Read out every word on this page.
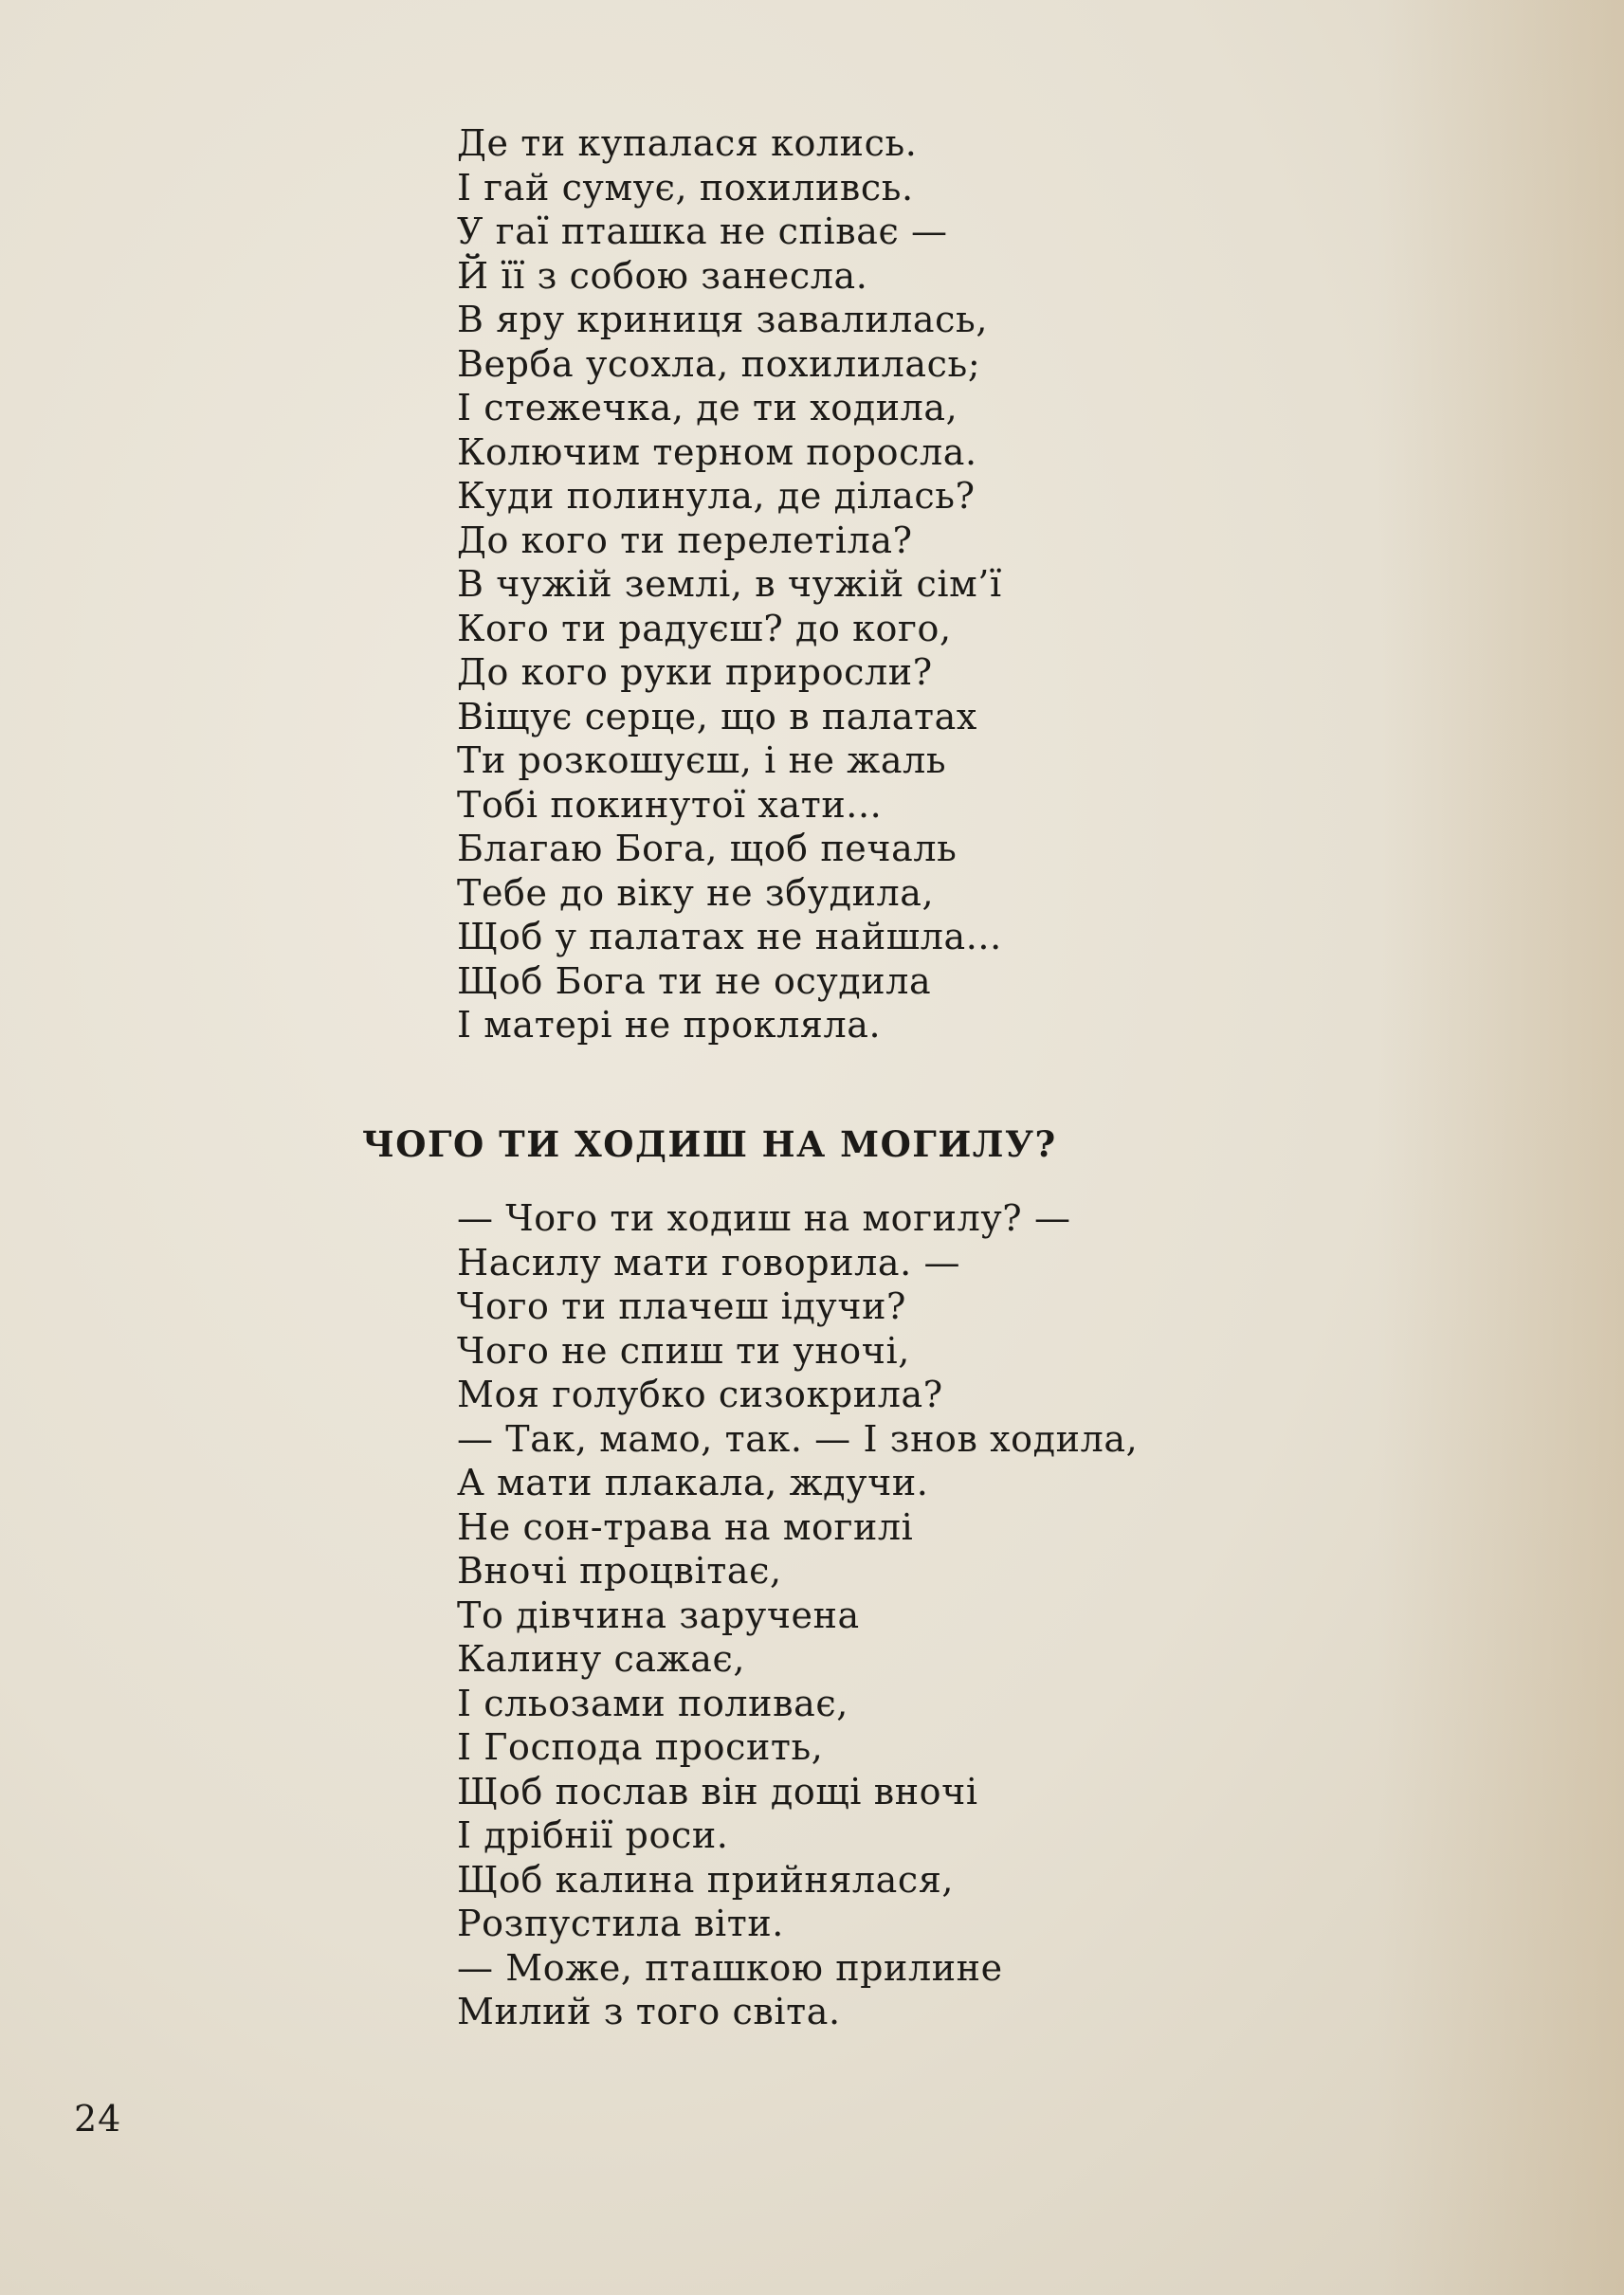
Де ти купалася колись.
І гай сумує, похиливсь.
У гаї пташка не співає —
Й її з собою занесла.
В яру криниця завалилась,
Верба усохла, похилилась;
І стежечка, де ти ходила,
Колючим терном поросла.
Куди полинула, де ділась?
До кого ти перелетіла?
В чужій землі, в чужій сім’ї
Кого ти радуєш? до кого,
До кого руки приросли?
Віщує серце, що в палатах
Ти розкошуєш, і не жаль
Тобі покинутої хати...
Благаю Бога, щоб печаль
Тебе до віку не збудила,
Щоб у палатах не найшла...
Щоб Бога ти не осудила
І матері не прокляла.
ЧОГО ТИ ХОДИШ НА МОГИЛУ?
— Чого ти ходиш на могилу? —
Насилу мати говорила. —
Чого ти плачеш ідучи?
Чого не спиш ти уночі,
Моя голубко сизокрила?
— Так, мамо, так. — І знов ходила,
А мати плакала, ждучи.
Не сон-трава на могилі
Вночі процвітає,
То дівчина заручена
Калину сажає,
І сльозами поливає,
І Господа просить,
Щоб послав він дощі вночі
І дрібнії роси.
Щоб калина прийнялася,
Розпустила віти.
— Може, пташкою прилине
Милий з того світа.
24
